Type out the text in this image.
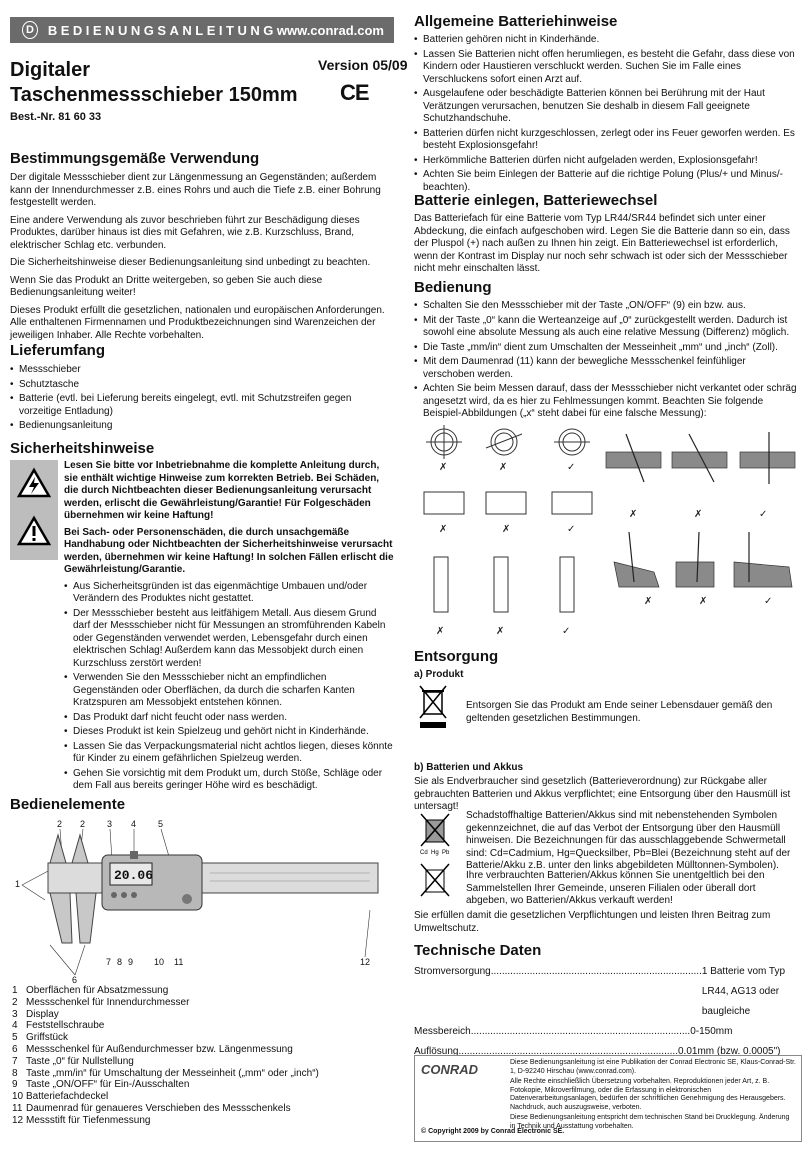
D	BEDIENUNGSANLEITUNG www.conrad.com
Digitaler Taschenmessschieber 150mm
Version 05/09
CE
Best.-Nr. 81 60 33
Bestimmungsgemäße Verwendung

Der digitale Messschieber dient zur Längenmessung an Gegenständen; außerdem kann der Innendurchmesser z.B. eines Rohrs und auch die Tiefe z.B. einer Bohrung festgestellt werden.

Eine andere Verwendung als zuvor beschrieben führt zur Beschädigung dieses Produktes, darüber hinaus ist dies mit Gefahren, wie z.B. Kurzschluss, Brand, elektrischer Schlag etc. verbunden.

Die Sicherheitshinweise dieser Bedienungsanleitung sind unbedingt zu beachten.

Wenn Sie das Produkt an Dritte weitergeben, so geben Sie auch diese Bedienungsanleitung weiter!

Dieses Produkt erfüllt die gesetzlichen, nationalen und europäischen Anforderungen. Alle enthaltenen Firmennamen und Produktbezeichnungen sind Warenzeichen der jeweiligen Inhaber. Alle Rechte vorbehalten.

Lieferumfang
• Messschieber
• Schutztasche
• Batterie (evtl. bei Lieferung bereits eingelegt, evtl. mit Schutzstreifen gegen vorzeitige Entladung)
• Bedienungsanleitung
Sicherheitshinweise

Lesen Sie bitte vor Inbetriebnahme die komplette Anleitung durch, sie enthält wichtige Hinweise zum korrekten Betrieb. Bei Schäden, die durch Nichtbeachten dieser Bedienungsanleitung verursacht werden, erlischt die Gewährleistung/Garantie! Für Folgeschäden übernehmen wir keine Haftung!

Bei Sach- oder Personenschäden, die durch unsachgemäße Handhabung oder Nichtbeachten der Sicherheitshinweise verursacht werden, übernehmen wir keine Haftung! In solchen Fällen erlischt die Gewährleistung/Garantie.

• Aus Sicherheitsgründen ist das eigenmächtige Umbauen und/oder Verändern des Produktes nicht gestattet.
• Der Messschieber besteht aus leitfähigem Metall. Aus diesem Grund darf der Messschieber nicht für Messungen an stromführenden Kabeln oder Gegenständen verwendet werden, Lebensgefahr durch einen elektrischen Schlag! Außerdem kann das Messobjekt durch einen Kurzschluss zerstört werden!
• Verwenden Sie den Messschieber nicht an empfindlichen Gegenständen oder Oberflächen, da durch die scharfen Kanten Kratzspuren am Messobjekt entstehen können.
• Das Produkt darf nicht feucht oder nass werden.
• Dieses Produkt ist kein Spielzeug und gehört nicht in Kinderhände.
• Lassen Sie das Verpackungsmaterial nicht achtlos liegen, dieses könnte für Kinder zu einem gefährlichen Spielzeug werden.
• Gehen Sie vorsichtig mit dem Produkt um, durch Stöße, Schläge oder dem Fall aus bereits geringer Höhe wird es beschädigt.
Bedienelemente
2 2 3 4 5
1
7 8 9 10 11
6
12
20.06
1 Oberflächen für Absatzmessung
2 Messschenkel für Innendurchmesser
3 Display
4 Feststellschraube
5 Griffstück
6 Messschenkel für Außendurchmesser bzw. Längenmessung
7 Taste „0“ für Nullstellung
8 Taste „mm/in“ für Umschaltung der Messeinheit („mm“ oder „inch“)
9 Taste „ON/OFF“ für Ein-/Ausschalten
10 Batteriefachdeckel
11 Daumenrad für genaueres Verschieben des Messschenkels
12 Messstift für Tiefenmessung
Allgemeine Batteriehinweise
• Batterien gehören nicht in Kinderhände.
• Lassen Sie Batterien nicht offen herumliegen, es besteht die Gefahr, dass diese von Kindern oder Haustieren verschluckt werden. Suchen Sie im Falle eines Verschluckens sofort einen Arzt auf.
• Ausgelaufene oder beschädigte Batterien können bei Berührung mit der Haut Verätzungen verursachen, benutzen Sie deshalb in diesem Fall geeignete Schutzhandschuhe.
• Batterien dürfen nicht kurzgeschlossen, zerlegt oder ins Feuer geworfen werden. Es besteht Explosionsgefahr!
• Herkömmliche Batterien dürfen nicht aufgeladen werden, Explosionsgefahr!
• Achten Sie beim Einlegen der Batterie auf die richtige Polung (Plus/+ und Minus/- beachten).
Batterie einlegen, Batteriewechsel

Das Batteriefach für eine Batterie vom Typ LR44/SR44 befindet sich unter einer Abdeckung, die einfach aufgeschoben wird. Legen Sie die Batterie dann so ein, dass der Pluspol (+) nach außen zu Ihnen hin zeigt. Ein Batteriewechsel ist erforderlich, wenn der Kontrast im Display nur noch sehr schwach ist oder sich der Messschieber nicht mehr einschalten lässt.

Bedienung
• Schalten Sie den Messschieber mit der Taste „ON/OFF“ (9) ein bzw. aus.
• Mit der Taste „0“ kann die Werteanzeige auf „0“ zurückgestellt werden. Dadurch ist sowohl eine absolute Messung als auch eine relative Messung (Differenz) möglich.
• Die Taste „mm/in“ dient zum Umschalten der Messeinheit „mm“ und „inch“ (Zoll).
• Mit dem Daumenrad (11) kann der bewegliche Messschenkel feinfühliger verschoben werden.
• Achten Sie beim Messen darauf, dass der Messschieber nicht verkantet oder schräg angesetzt wird, da es hier zu Fehlmessungen kommt. Beachten Sie folgende Beispiel-Abbildungen („x“ steht dabei für eine falsche Messung):
✗	✗	✓
✗	✗	✓
✗	✗	✓
✗	✗	✓
✗	✗	✓
Entsorgung
a) Produkt

Entsorgen Sie das Produkt am Ende seiner Lebensdauer gemäß den geltenden gesetzlichen Bestimmungen.

b) Batterien und Akkus

Sie als Endverbraucher sind gesetzlich (Batterieverordnung) zur Rückgabe aller gebrauchten Batterien und Akkus verpflichtet; eine Entsorgung über den Hausmüll ist untersagt!

Cd Hg Pb

Schadstoffhaltige Batterien/Akkus sind mit nebenstehenden Symbolen gekennzeichnet, die auf das Verbot der Entsorgung über den Hausmüll hinweisen. Die Bezeichnungen für das ausschlaggebende Schwermetall sind: Cd=Cadmium, Hg=Quecksilber, Pb=Blei (Bezeichnung steht auf der Batterie/Akku z.B. unter den links abgebildeten Mülltonnen-Symbolen).

Ihre verbrauchten Batterien/Akkus können Sie unentgeltlich bei den Sammelstellen Ihrer Gemeinde, unseren Filialen oder überall dort abgeben, wo Batterien/Akkus verkauft werden!

Sie erfüllen damit die gesetzlichen Verpflichtungen und leisten Ihren Beitrag zum Umweltschutz.

Technische Daten
Stromversorgung ............................................................................ 1 Batterie vom Typ LR44, AG13 oder baugleiche
Messbereich ............................................................................... 0-150mm
Auflösung ............................................................................... 0.01mm (bzw. 0.0005")
CONRAD	Diese Bedienungsanleitung ist eine Publikation der Conrad Electronic SE, Klaus-Conrad-Str. 1, D-92240 Hirschau (www.conrad.com).

Alle Rechte einschließlich Übersetzung vorbehalten. Reproduktionen jeder Art, z. B. Fotokopie, Mikroverfilmung, oder die Erfassung in elektronischen Datenverarbeitungsanlagen, bedürfen der schriftlichen Genehmigung des Herausgebers. Nachdruck, auch auszugsweise, verboten.

Diese Bedienungsanleitung entspricht dem technischen Stand bei Drucklegung. Änderung in Technik und Ausstattung vorbehalten.

© Copyright 2009 by Conrad Electronic SE.
